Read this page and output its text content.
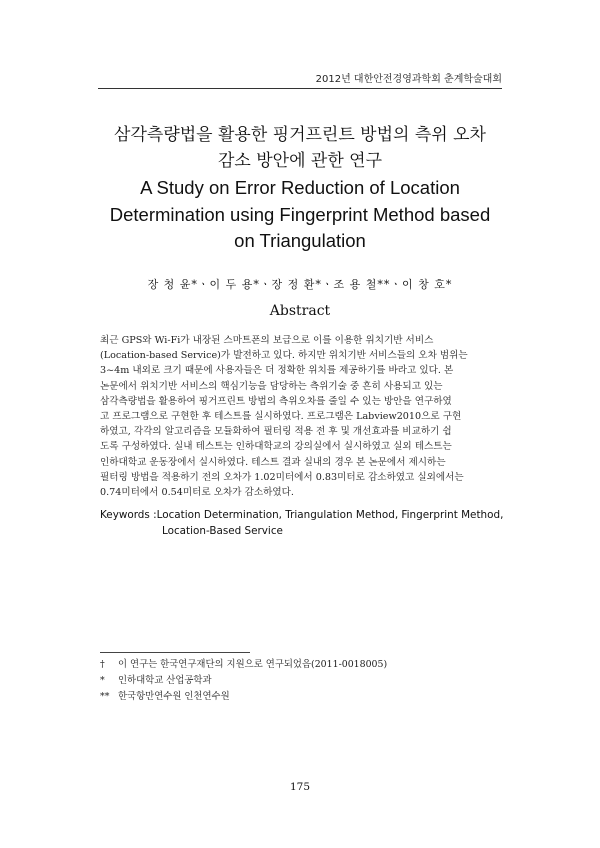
2012년 대한안전경영과학회 춘계학술대회
삼각측량법을 활용한 핑거프린트 방법의 측위 오차
감소 방안에 관한 연구
A Study on Error Reduction of Location
Determination using Fingerprint Method based
on Triangulation
장 청 윤*ㆍ이 두 용*ㆍ장 정 환*ㆍ조 용 철**ㆍ이 창 호*
Abstract
최근 GPS와 Wi-Fi가 내장된 스마트폰의 보급으로 이를 이용한 위치기반 서비스
(Location-based Service)가 발전하고 있다. 하지만 위치기반 서비스들의 오차 범위는
3~4m 내외로 크기 때문에 사용자들은 더 정확한 위치를 제공하기를 바라고 있다. 본
논문에서 위치기반 서비스의 핵심기능을 담당하는 측위기술 중 흔히 사용되고 있는
삼각측량법을 활용하여 핑거프린트 방법의 측위오차를 줄일 수 있는 방안을 연구하였
고 프로그램으로 구현한 후 테스트를 실시하였다. 프로그램은 Labview2010으로 구현
하였고, 각각의 알고리즘을 모듈화하여 필터링 적용 전 후 및 개선효과를 비교하기 쉽
도록 구성하였다. 실내 테스트는 인하대학교의 강의실에서 실시하였고 실외 테스트는
인하대학교 운동장에서 실시하였다. 테스트 결과 실내의 경우 본 논문에서 제시하는
필터링 방법을 적용하기 전의 오차가 1.02미터에서 0.83미터로 감소하였고 실외에서는
0.74미터에서 0.54미터로 오차가 감소하였다.
Keywords : Location Determination, Triangulation Method, Fingerprint Method,
Location-Based Service
† 이 연구는 한국연구재단의 지원으로 연구되었음(2011-0018005)
* 인하대학교 산업공학과
** 한국항만연수원 인천연수원
175
